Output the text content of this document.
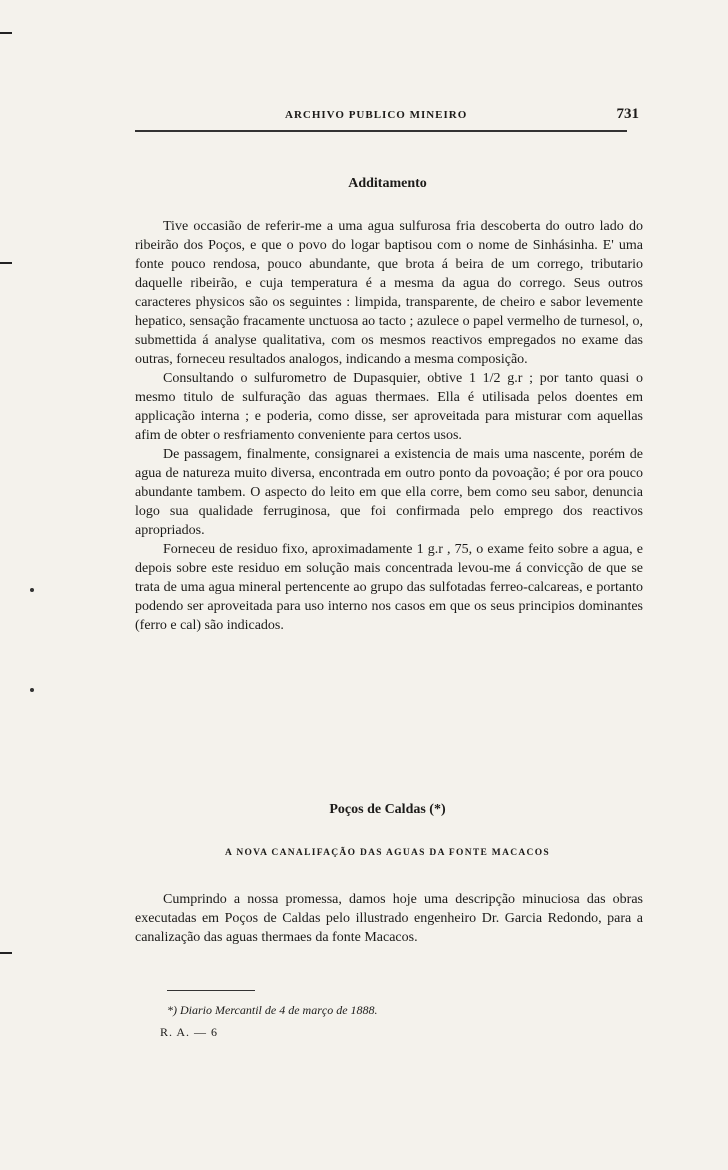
ARCHIVO PUBLICO MINEIRO	731
Additamento

Tive occasião de referir-me a uma agua sulfurosa fria descoberta do outro lado do ribeirão dos Poços, e que o povo do logar baptisou com o nome de Sinhásinha. E' uma fonte pouco rendosa, pouco abundante, que brota á beira de um corrego, tributario daquelle ribeirão, e cuja temperatura é a mesma da agua do corrego. Seus outros caracteres physicos são os seguintes : limpida, transparente, de cheiro e sabor levemente hepatico, sensação fracamente unctuosa ao tacto ; azulece o papel vermelho de turnesol, o, submettida á analyse qualitativa, com os mesmos reactivos empregados no exame das outras, forneceu resultados analogos, indicando a mesma composição.

Consultando o sulfurometro de Dupasquier, obtive 1 1/2 g.r ; por tanto quasi o mesmo titulo de sulfuração das aguas thermaes. Ella é utilisada pelos doentes em applicação interna ; e poderia, como disse, ser aproveitada para misturar com aquellas afim de obter o resfriamento conveniente para certos usos.

De passagem, finalmente, consignarei a existencia de mais uma nascente, porém de agua de natureza muito diversa, encontrada em outro ponto da povoação; é por ora pouco abundante tambem. O aspecto do leito em que ella corre, bem como seu sabor, denuncia logo sua qualidade ferruginosa, que foi confirmada pelo emprego dos reactivos apropriados.

Forneceu de residuo fixo, aproximadamente 1 g.r , 75, o exame feito sobre a agua, e depois sobre este residuo em solução mais concentrada levou-me á convicção de que se trata de uma agua mineral pertencente ao grupo das sulfotadas ferreo-calcareas, e portanto podendo ser aproveitada para uso interno nos casos em que os seus principios dominantes (ferro e cal) são indicados.

Poços de Caldas (*)
A NOVA CANALIFAÇÃO DAS AGUAS DA FONTE MACACOS

Cumprindo a nossa promessa, damos hoje uma descripção minuciosa das obras executadas em Poços de Caldas pelo illustrado engenheiro Dr. Garcia Redondo, para a canalização das aguas thermaes da fonte Macacos.

*) Diario Mercantil de 4 de março de 1888.
R. A. — 6
